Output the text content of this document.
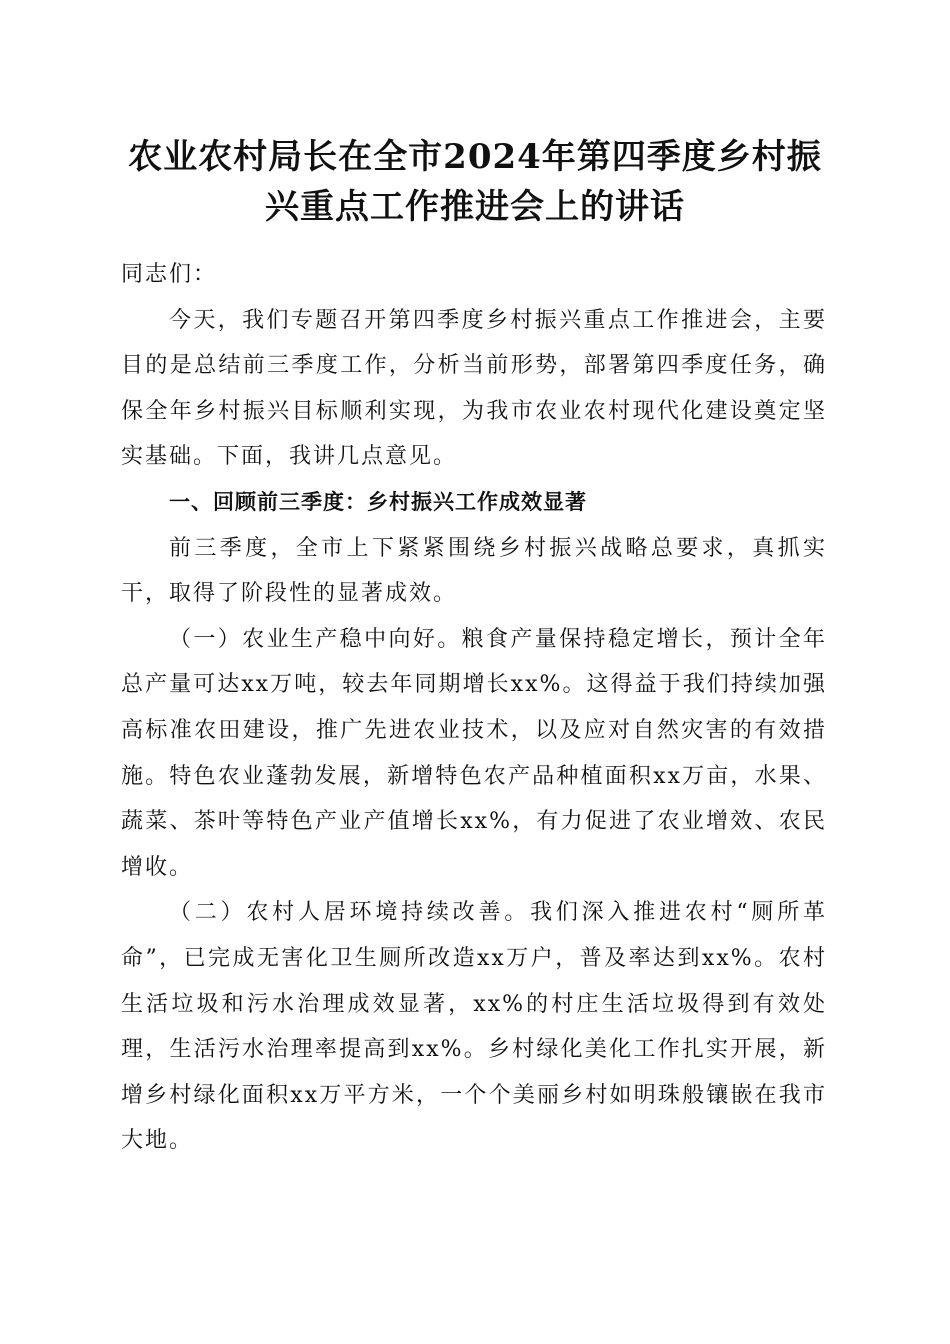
农业农村局长在全市2024年第四季度乡村振
兴重点工作推进会上的讲话

同志们：

今天，我们专题召开第四季度乡村振兴重点工作推进会，主要目的是总结前三季度工作，分析当前形势，部署第四季度任务，确保全年乡村振兴目标顺利实现，为我市农业农村现代化建设奠定坚实基础。下面，我讲几点意见。

一、回顾前三季度：乡村振兴工作成效显著

前三季度，全市上下紧紧围绕乡村振兴战略总要求，真抓实干，取得了阶段性的显著成效。

（一）农业生产稳中向好。粮食产量保持稳定增长，预计全年总产量可达xx万吨，较去年同期增长xx%。这得益于我们持续加强高标准农田建设，推广先进农业技术，以及应对自然灾害的有效措施。特色农业蓬勃发展，新增特色农产品种植面积xx万亩，水果、蔬菜、茶叶等特色产业产值增长xx%，有力促进了农业增效、农民增收。

（二）农村人居环境持续改善。我们深入推进农村“厕所革命”，已完成无害化卫生厕所改造xx万户，普及率达到xx%。农村生活垃圾和污水治理成效显著，xx%的村庄生活垃圾得到有效处理，生活污水治理率提高到xx%。乡村绿化美化工作扎实开展，新增乡村绿化面积xx万平方米，一个个美丽乡村如明珠般镶嵌在我市大地。
